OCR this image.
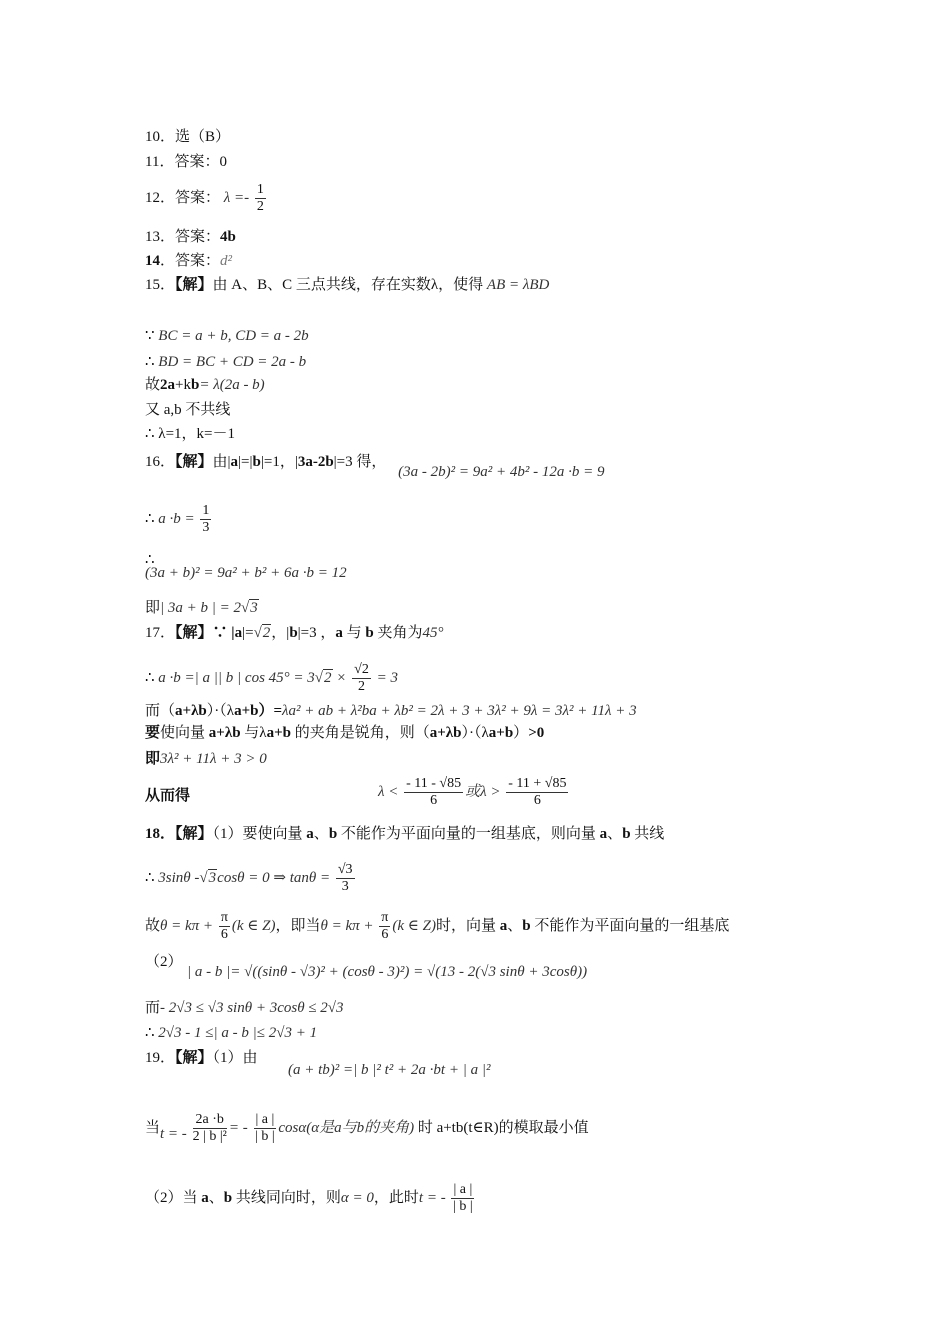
10．选（B）
11．答案：0
12．答案： $\lambda =- \frac{1}{2}$
13．答案：4b
14．答案：d²
15．【解】由 A、B、C 三点共线，存在实数λ，使得 AB = λBD
∵ BC = a + b, CD = a - 2b
∴ BD = BC + CD = 2a - b
故2a+kb= λ(2a - b)
又 a,b 不共线
∴ λ=1，k=－1
16．【解】由|a|=|b|=1，|3a-2b|=3 得， (3a - 2b)² = 9a² + 4b² - 12a ·b = 9
∴ $a \cdot b = \frac{1}{3}$
∴
(3a + b)² = 9a² + b² + 6a ·b = 12
即| 3a + b | = 2√3
17．【解】∵ |a|=√2，|b|=3 ，a 与 b 夹角为45°
∴ a ·b =| a || b | $\cos 45^\circ = 3√2 \times \frac{√2}{2} = 3$
而（a+λb）·（λa+b）=λa² + ab + λ²ba + λb² = 2λ + 3 + 3λ² + 9λ = 3λ² + 11λ + 3
要使向量 a+λb 与λa+b 的夹角是锐角，则（a+λb）·（λa+b）>0
即3λ² + 11λ + 3 > 0
从而得	$\lambda < \frac{- 11 - √85}{6}$ 或$\lambda > \frac{- 11 + √85}{6}$
18．【解】（1）要使向量 a、b 不能作为平面向量的一组基底，则向量 a、b 共线
∴ 3sinθ -√3cosθ = 0 ⇒ $\tan\theta = \frac{√3}{3}$
故$\theta = k\pi + \frac{\pi}{6} (k$ ∈ Z)，即当$\theta = k\pi + \frac{\pi}{6} (k$ ∈ Z)时，向量 a、b 不能作为平面向量的一组基底
（2）
| a - b |= √((sinθ - √3)² + (cosθ - 3)²) = √(13 - 2(√3 sinθ + 3cosθ))
而- 2√3 ≤ √3 sinθ + 3cosθ ≤ 2√3
∴ 2√3 - 1 ≤| a - b |≤ 2√3 + 1
19．【解】（1）由
(a + tb)² =| b |² t² + 2a ·bt + | a |²
当t = - $\frac{2a \cdot b}{\text{2 | b |²}}$ = - $\frac{| a |}{| b |} \cos\alpha(\alpha$是a与b的夹角) 时 a+tb(t∈R)的模取最小值
（2）当 a、b 共线同向时，则α = 0，此时t = - $\frac{| a |}{| b |}$
